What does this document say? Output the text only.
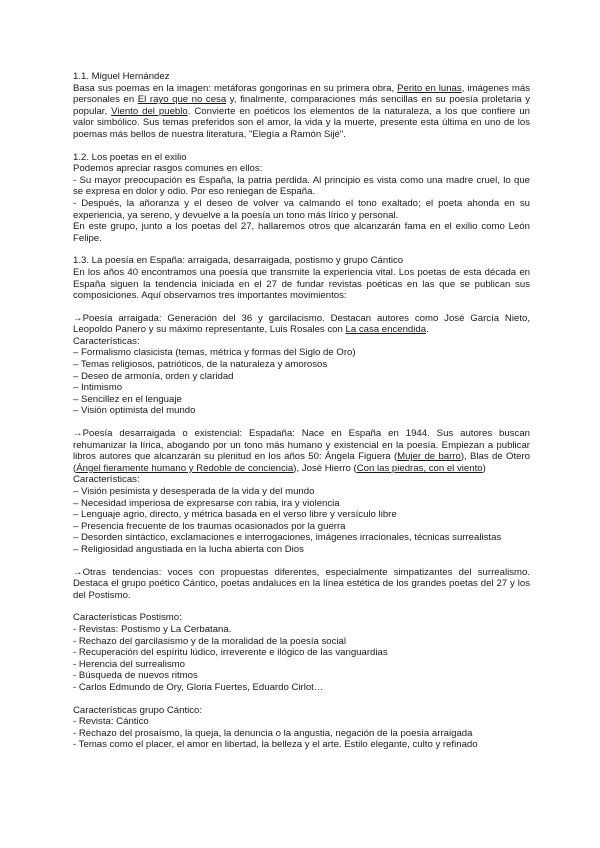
1.1. Miguel Hernández

Basa sus poemas en la imagen: metáforas gongorinas en su primera obra, Perito en lunas, imágenes más personales en El rayo que no cesa y, finalmente, comparaciones más sencillas en su poesía proletaria y popular, Viento del pueblo. Convierte en poéticos los elementos de la naturaleza, a los que confiere un valor simbólico. Sus temas preferidos son el amor, la vida y la muerte, presente esta última en uno de los poemas más bellos de nuestra literatura, "Elegía a Ramón Sijé".

1.2. Los poetas en el exilio

Podemos apreciar rasgos comunes en ellos:

- Su mayor preocupación es España, la patria perdida. Al principio es vista como una madre cruel, lo que se expresa en dolor y odio. Por eso reniegan de España.

- Después, la añoranza y el deseo de volver va calmando el tono exaltado; el poeta ahonda en su experiencia, ya sereno, y devuelve a la poesía un tono más lírico y personal.

En este grupo, junto a los poetas del 27, hallaremos otros que alcanzarán fama en el exilio como León Felipe.

1.3. La poesía en España: arraigada, desarraigada, postismo y grupo Cántico

En los años 40 encontramos una poesía que transmite la experiencia vital. Los poetas de esta década en España siguen la tendencia iniciada en el 27 de fundar revistas poéticas en las que se publican sus composiciones. Aquí observamos tres importantes movimientos:

→Poesía arraigada: Generación del 36 y garcilacismo. Destacan autores como José García Nieto, Leopoldo Panero y su máximo representante, Luis Rosales con La casa encendida.

Características:

– Formalismo clasicista (temas, métrica y formas del Siglo de Oro)
– Temas religiosos, patrióticos, de la naturaleza y amorosos
– Deseo de armonía, orden y claridad
– Intimismo
– Sencillez en el lenguaje
– Visión optimista del mundo

→Poesía desarraigada o existencial: Espadaña: Nace en España en 1944. Sus autores buscan rehumanizar la lírica, abogando por un tono más humano y existencial en la poesía. Empiezan a publicar libros autores que alcanzarán su plenitud en los años 50: Ángela Figuera (Mujer de barro), Blas de Otero (Ángel fieramente humano y Redoble de conciencia), José Hierro (Con las piedras, con el viento)

Características:

– Visión pesimista y desesperada de la vida y del mundo
– Necesidad imperiosa de expresarse con rabia, ira y violencia
– Lenguaje agrio, directo, y métrica basada en el verso libre y versículo libre
– Presencia frecuente de los traumas ocasionados por la guerra
– Desorden sintáctico, exclamaciones e interrogaciones, imágenes irracionales, técnicas surrealistas
– Religiosidad angustiada en la lucha abierta con Dios

→Otras tendencias: voces con propuestas diferentes, especialmente simpatizantes del surrealismo. Destaca el grupo poético Cántico, poetas andaluces en la línea estética de los grandes poetas del 27 y los del Postismo.

Características Postismo:

- Revistas: Postismo y La Cerbatana.
- Rechazo del garcilasismo y de la moralidad de la poesía social
- Recuperación del espíritu lúdico, irreverente e ilógico de las vanguardias
- Herencia del surrealismo
- Búsqueda de nuevos ritmos
- Carlos Edmundo de Ory, Gloria Fuertes, Eduardo Cirlot…

Características grupo Cántico:

- Revista: Cántico
- Rechazo del prosaísmo, la queja, la denuncia o la angustia, negación de la poesía arraigada
- Temas como el placer, el amor en libertad, la belleza y el arte. Estilo elegante, culto y refinado
